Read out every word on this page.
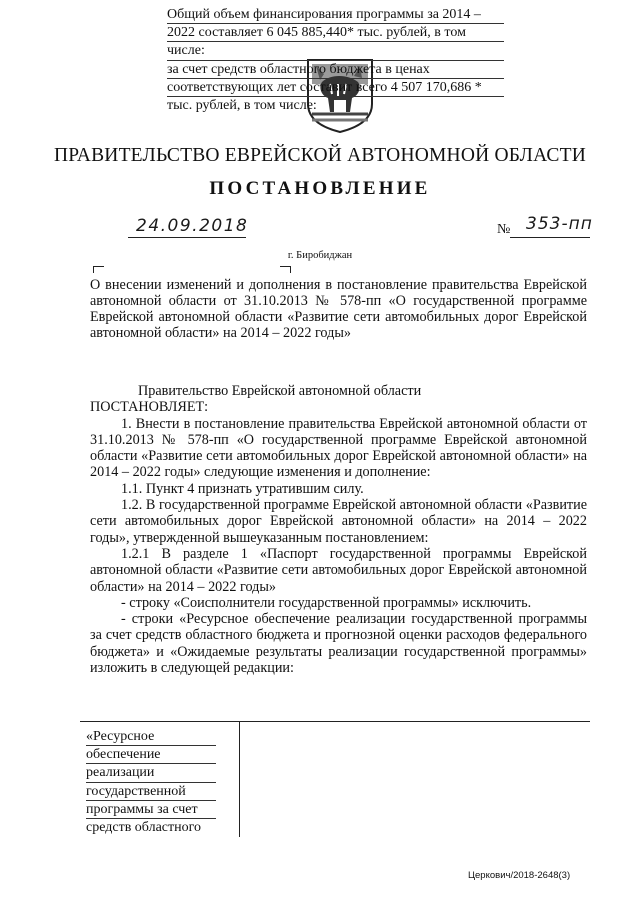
ПРАВИТЕЛЬСТВО ЕВРЕЙСКОЙ АВТОНОМНОЙ ОБЛАСТИ
ПОСТАНОВЛЕНИЕ
24.09.2018	№ 353-пп
г. Биробиджан
О внесении изменений и дополнения в постановление правительства Еврейской автономной области от 31.10.2013 № 578-пп «О государственной программе Еврейской автономной области «Развитие сети автомобильных дорог Еврейской автономной области» на 2014 – 2022 годы»

Правительство Еврейской автономной области

ПОСТАНОВЛЯЕТ:

1. Внести в постановление правительства Еврейской автономной области от 31.10.2013 № 578-пп «О государственной программе Еврейской автономной области «Развитие сети автомобильных дорог Еврейской автономной области» на 2014 – 2022 годы» следующие изменения и дополнение:

1.1. Пункт 4 признать утратившим силу.

1.2. В государственной программе Еврейской автономной области «Развитие сети автомобильных дорог Еврейской автономной области» на 2014 – 2022 годы», утвержденной вышеуказанным постановлением:

1.2.1 В разделе 1 «Паспорт государственной программы Еврейской автономной области «Развитие сети автомобильных дорог Еврейской автономной области» на 2014 – 2022 годы»

- строку «Соисполнители государственной программы» исключить.

- строки «Ресурсное обеспечение реализации государственной программы за счет средств областного бюджета и прогнозной оценки расходов федерального бюджета» и «Ожидаемые результаты реализации государственной программы» изложить в следующей редакции:

«Ресурсное
обеспечение
реализации
государственной
программы за счет
средств областного
Общий объем финансирования программы за 2014 –
2022 составляет 6 045 885,440* тыс. рублей, в том
числе:
за счет средств областного бюджета в ценах
соответствующих лет составит всего 4 507 170,686 *
тыс. рублей, в том числе:
Церкович/2018-2648(3)
